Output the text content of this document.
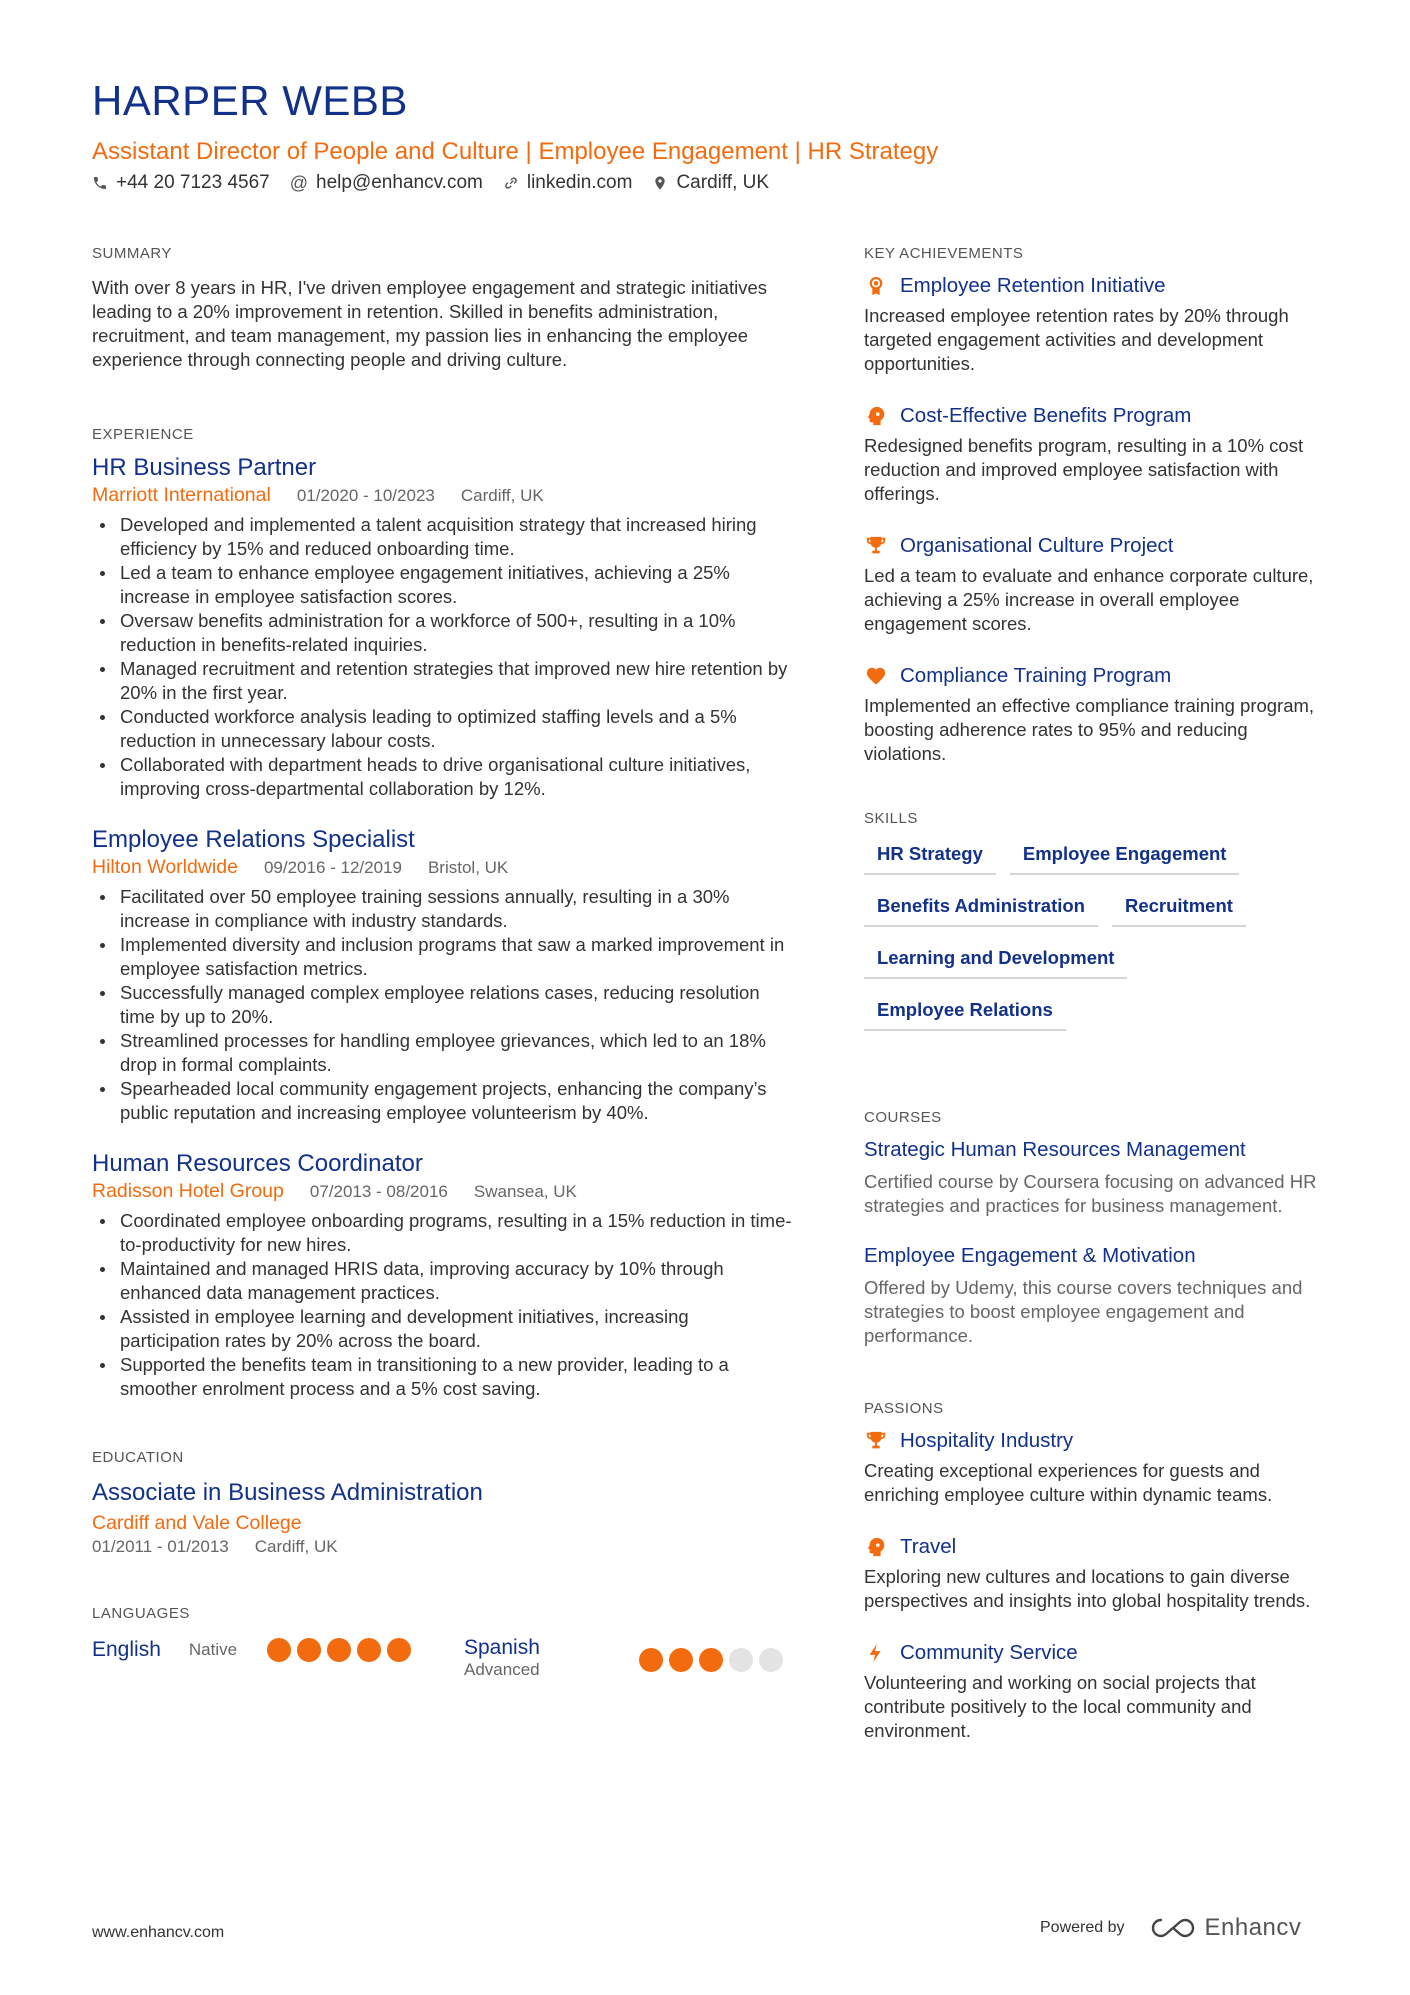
HARPER WEBB
Assistant Director of People and Culture | Employee Engagement | HR Strategy
+44 20 7123 4567 @ help@enhancv.com linkedin.com Cardiff, UK
SUMMARY
With over 8 years in HR, I've driven employee engagement and strategic initiatives leading to a 20% improvement in retention. Skilled in benefits administration, recruitment, and team management, my passion lies in enhancing the employee experience through connecting people and driving culture.
EXPERIENCE
HR Business Partner
Marriott International 01/2020 - 10/2023 Cardiff, UK
Developed and implemented a talent acquisition strategy that increased hiring efficiency by 15% and reduced onboarding time.
Led a team to enhance employee engagement initiatives, achieving a 25% increase in employee satisfaction scores.
Oversaw benefits administration for a workforce of 500+, resulting in a 10% reduction in benefits-related inquiries.
Managed recruitment and retention strategies that improved new hire retention by 20% in the first year.
Conducted workforce analysis leading to optimized staffing levels and a 5% reduction in unnecessary labour costs.
Collaborated with department heads to drive organisational culture initiatives, improving cross-departmental collaboration by 12%.
Employee Relations Specialist
Hilton Worldwide 09/2016 - 12/2019 Bristol, UK
Facilitated over 50 employee training sessions annually, resulting in a 30% increase in compliance with industry standards.
Implemented diversity and inclusion programs that saw a marked improvement in employee satisfaction metrics.
Successfully managed complex employee relations cases, reducing resolution time by up to 20%.
Streamlined processes for handling employee grievances, which led to an 18% drop in formal complaints.
Spearheaded local community engagement projects, enhancing the company’s public reputation and increasing employee volunteerism by 40%.
Human Resources Coordinator
Radisson Hotel Group 07/2013 - 08/2016 Swansea, UK
Coordinated employee onboarding programs, resulting in a 15% reduction in time-to-productivity for new hires.
Maintained and managed HRIS data, improving accuracy by 10% through enhanced data management practices.
Assisted in employee learning and development initiatives, increasing participation rates by 20% across the board.
Supported the benefits team in transitioning to a new provider, leading to a smoother enrolment process and a 5% cost saving.
EDUCATION
Associate in Business Administration
Cardiff and Vale College
01/2011 - 01/2013 Cardiff, UK
LANGUAGES
English Native	Spanish
Advanced
KEY ACHIEVEMENTS
Employee Retention Initiative
Increased employee retention rates by 20% through targeted engagement activities and development opportunities.
Cost-Effective Benefits Program
Redesigned benefits program, resulting in a 10% cost reduction and improved employee satisfaction with offerings.
Organisational Culture Project
Led a team to evaluate and enhance corporate culture, achieving a 25% increase in overall employee engagement scores.
Compliance Training Program
Implemented an effective compliance training program, boosting adherence rates to 95% and reducing violations.
SKILLS
HR Strategy	Employee Engagement
Benefits Administration	Recruitment
Learning and Development
Employee Relations
COURSES
Strategic Human Resources Management
Certified course by Coursera focusing on advanced HR strategies and practices for business management.
Employee Engagement & Motivation
Offered by Udemy, this course covers techniques and strategies to boost employee engagement and performance.
PASSIONS
Hospitality Industry
Creating exceptional experiences for guests and enriching employee culture within dynamic teams.
Travel
Exploring new cultures and locations to gain diverse perspectives and insights into global hospitality trends.
Community Service
Volunteering and working on social projects that contribute positively to the local community and environment.
www.enhancv.com	Powered by	Enhancv
